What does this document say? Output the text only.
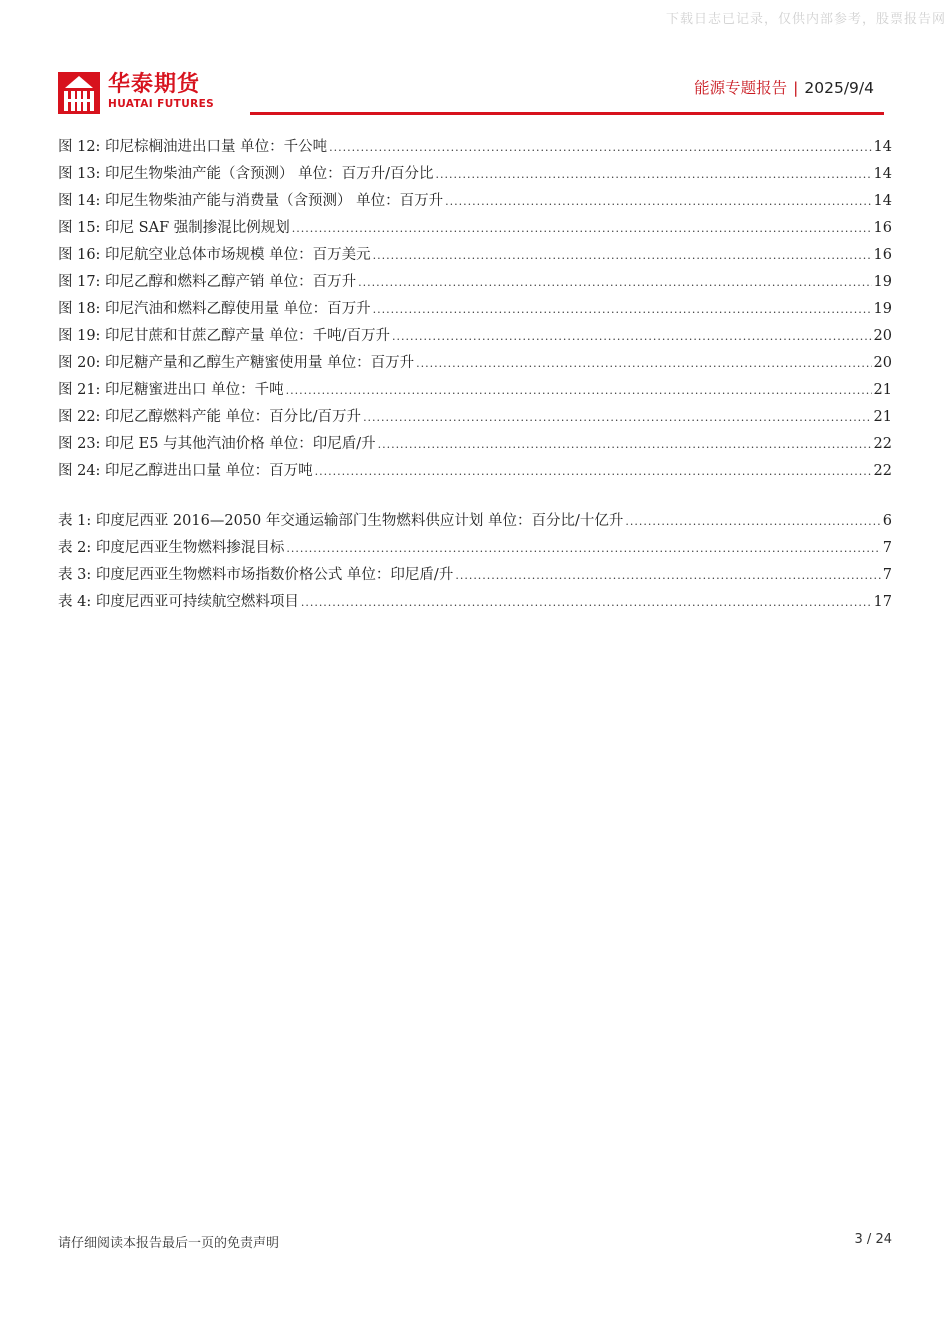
下载日志已记录，仅供内部参考，股票报告网
华泰期货
HUATAI FUTURES
能源专题报告 | 2025/9/4
图 12: 印尼棕榈油进出口量 单位：千公吨 .....	14
图 13: 印尼生物柴油产能（含预测） 单位：百万升/百分比 .....	14
图 14: 印尼生物柴油产能与消费量（含预测） 单位：百万升 .....	14
图 15: 印尼 SAF 强制掺混比例规划 .....	16
图 16: 印尼航空业总体市场规模 单位：百万美元 .....	16
图 17: 印尼乙醇和燃料乙醇产销 单位：百万升 .....	19
图 18: 印尼汽油和燃料乙醇使用量 单位：百万升 .....	19
图 19: 印尼甘蔗和甘蔗乙醇产量 单位：千吨/百万升 .....	20
图 20: 印尼糖产量和乙醇生产糖蜜使用量 单位：百万升 .....	20
图 21: 印尼糖蜜进出口 单位：千吨 .....	21
图 22: 印尼乙醇燃料产能 单位：百分比/百万升 .....	21
图 23: 印尼 E5 与其他汽油价格 单位：印尼盾/升 .....	22
图 24: 印尼乙醇进出口量 单位：百万吨 .....	22
表 1: 印度尼西亚 2016—2050 年交通运输部门生物燃料供应计划 单位：百分比/十亿升 .....	6
表 2: 印度尼西亚生物燃料掺混目标 .....	7
表 3: 印度尼西亚生物燃料市场指数价格公式 单位：印尼盾/升 .....	7
表 4: 印度尼西亚可持续航空燃料项目 .....	17
请仔细阅读本报告最后一页的免责声明	3 / 24
